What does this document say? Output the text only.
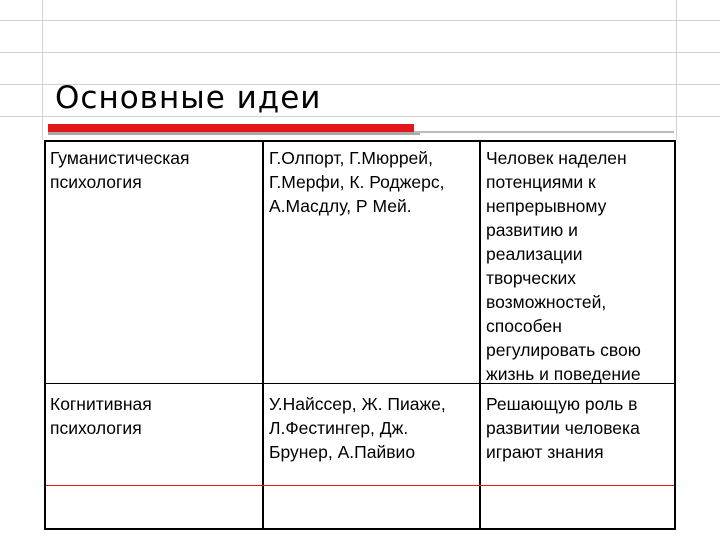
Основные идеи

Гуманистическая
психология

Г.Олпорт, Г.Мюррей,
Г.Мерфи, К. Роджерс,
А.Масдлу, Р Мей.

Человек наделен
потенциями к
непрерывному
развитию и
реализации
творческих
возможностей,
способен
регулировать свою
жизнь и поведение

Когнитивная
психология

У.Найссер, Ж. Пиаже,
Л.Фестингер, Дж.
Брунер, А.Пайвио

Решающую роль в
развитии человека
играют знания
